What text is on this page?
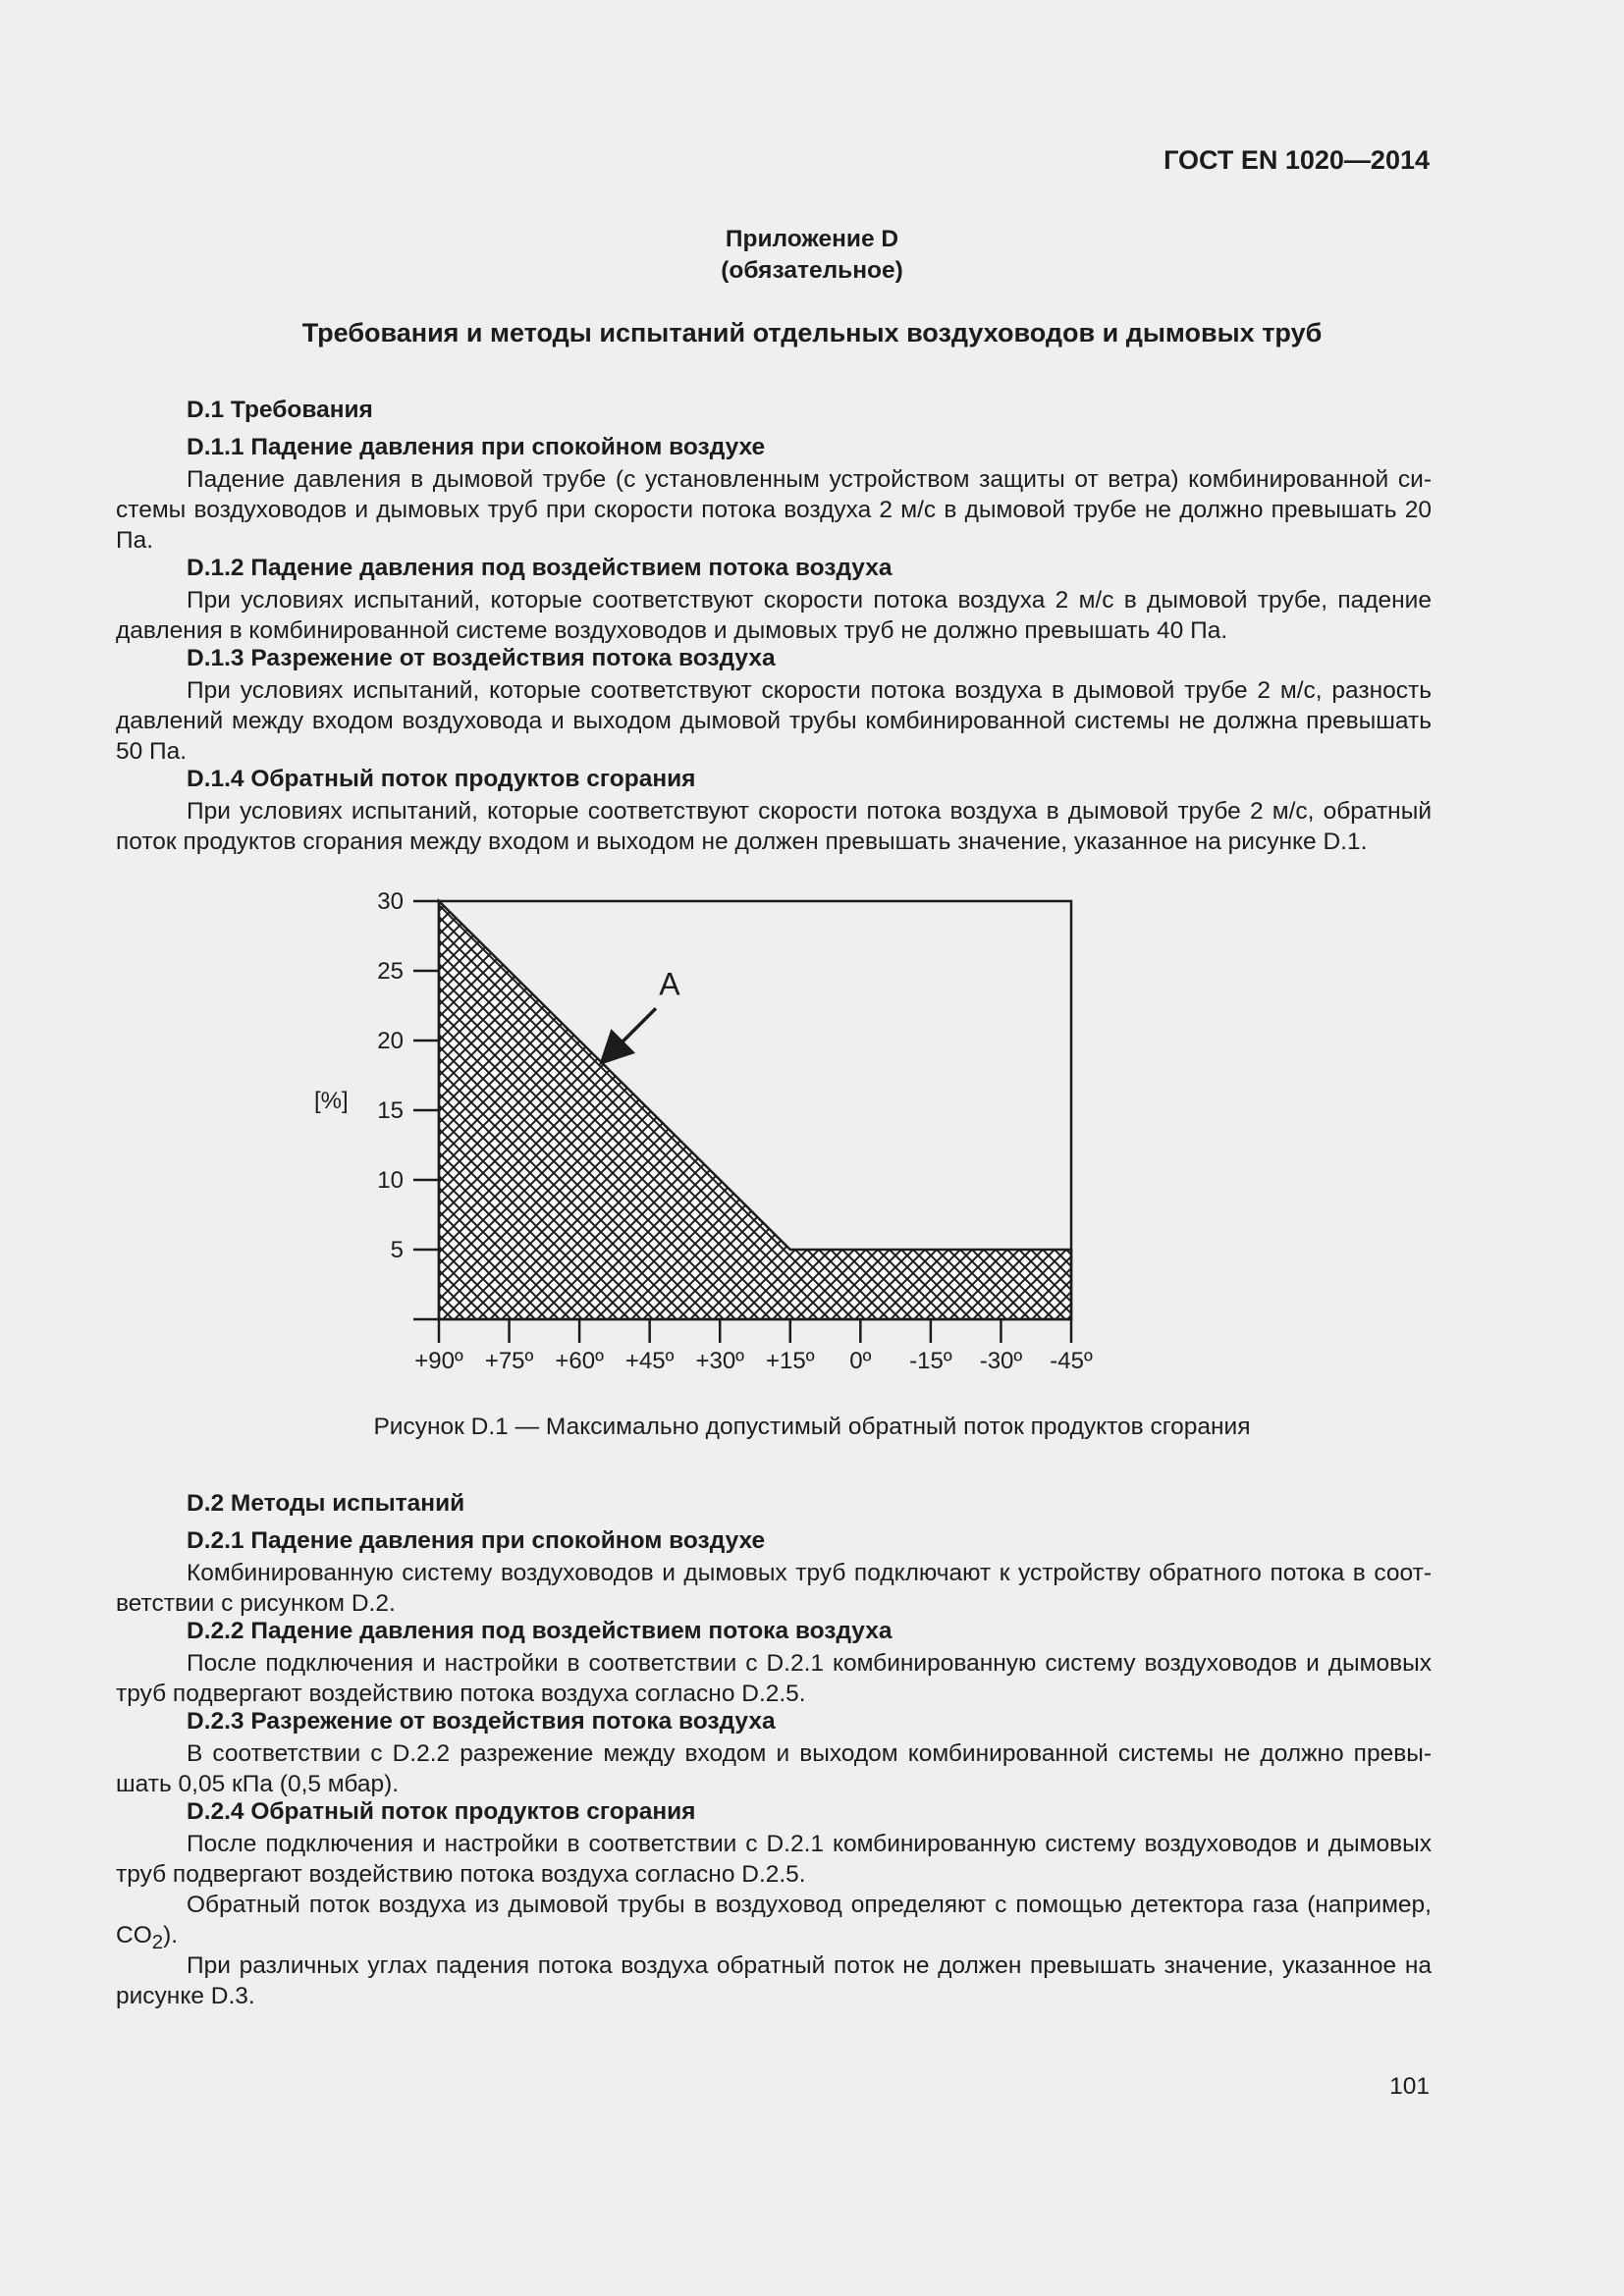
ГОСТ EN 1020—2014
Приложение D
(обязательное)
Требования и методы испытаний отдельных воздуховодов и дымовых труб
D.1 Требования
D.1.1 Падение давления при спокойном воздухе

Падение давления в дымовой трубе (с установленным устройством защиты от ветра) комбинированной си-стемы воздуховодов и дымовых труб при скорости потока воздуха 2 м/с в дымовой трубе не должно превышать 20 Па.

D.1.2 Падение давления под воздействием потока воздуха

При условиях испытаний, которые соответствуют скорости потока воздуха 2 м/с в дымовой трубе, падение давления в комбинированной системе воздуховодов и дымовых труб не должно превышать 40 Па.

D.1.3 Разрежение от воздействия потока воздуха

При условиях испытаний, которые соответствуют скорости потока воздуха в дымовой трубе 2 м/с, разность давлений между входом воздуховода и выходом дымовой трубы комбинированной системы не должна превышать 50 Па.

D.1.4 Обратный поток продуктов сгорания

При условиях испытаний, которые соответствуют скорости потока воздуха в дымовой трубе 2 м/с, обратный поток продуктов сгорания между входом и выходом не должен превышать значение, указанное на рисунке D.1.

5
10
15
20
25
30
[%]
+90º +75º +60º +45º +30º +15º 0º -15º -30º -45º
A
Рисунок D.1 — Максимально допустимый обратный поток продуктов сгорания
D.2 Методы испытаний
D.2.1 Падение давления при спокойном воздухе

Комбинированную систему воздуховодов и дымовых труб подключают к устройству обратного потока в соот-ветствии с рисунком D.2.

D.2.2 Падение давления под воздействием потока воздуха

После подключения и настройки в соответствии с D.2.1 комбинированную систему воздуховодов и дымовых труб подвергают воздействию потока воздуха согласно D.2.5.

D.2.3 Разрежение от воздействия потока воздуха

В соответствии с D.2.2 разрежение между входом и выходом комбинированной системы не должно превы-шать 0,05 кПа (0,5 мбар).

D.2.4 Обратный поток продуктов сгорания

После подключения и настройки в соответствии с D.2.1 комбинированную систему воздуховодов и дымовых труб подвергают воздействию потока воздуха согласно D.2.5.

Обратный поток воздуха из дымовой трубы в воздуховод определяют с помощью детектора газа (например, $CO_2$).

При различных углах падения потока воздуха обратный поток не должен превышать значение, указанное на рисунке D.3.

101
